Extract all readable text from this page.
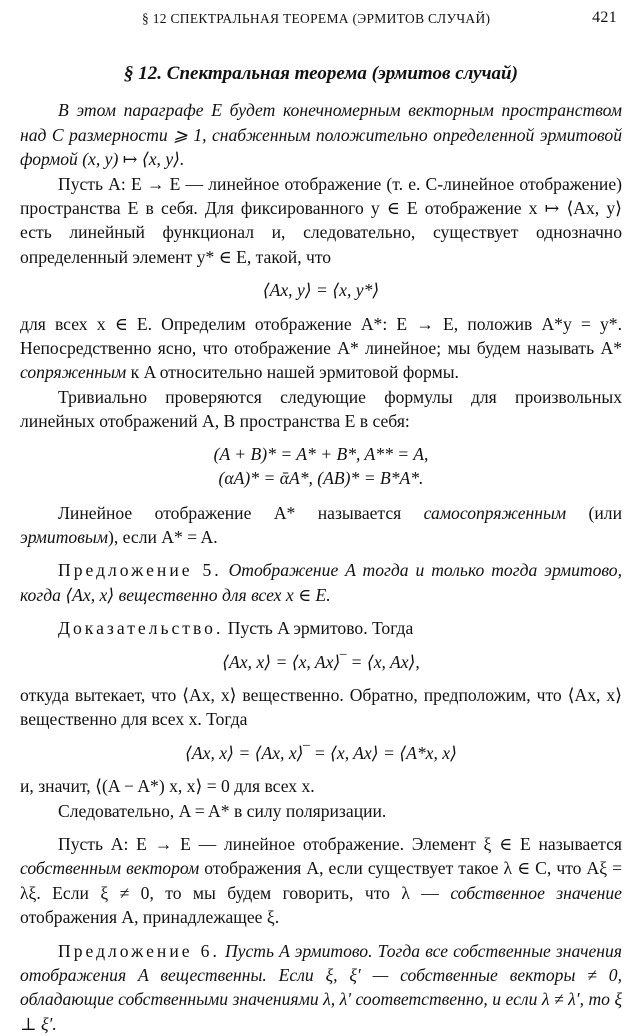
§ 12 СПЕКТРАЛЬНАЯ ТЕОРЕМА (ЭРМИТОВ СЛУЧАЙ)	421

§ 12. Спектральная теорема (эрмитов случай)

В этом параграфе E будет конечномерным векторным пространством над C размерности ⩾ 1, снабженным положительно определенной эрмитовой формой (x, y) ↦ ⟨x, y⟩.

Пусть A: E → E — линейное отображение (т. е. C-линейное отображение) пространства E в себя. Для фиксированного y ∈ E отображение x ↦ ⟨Ax, y⟩ есть линейный функционал и, следовательно, существует однозначно определенный элемент y* ∈ E, такой, что

⟨Ax, y⟩ = ⟨x, y*⟩

для всех x ∈ E. Определим отображение A*: E → E, положив A*y = y*. Непосредственно ясно, что отображение A* линейное; мы будем называть A* сопряженным к A относительно нашей эрмитовой формы.

Тривиально проверяются следующие формулы для произвольных линейных отображений A, B пространства E в себя:

(A + B)* = A* + B*, A** = A,

(αA)* = ᾱA*, (AB)* = B*A*.

Линейное отображение A* называется самосопряженным (или эрмитовым), если A* = A.

Предложение 5. Отображение A тогда и только тогда эрмитово, когда ⟨Ax, x⟩ вещественно для всех x ∈ E.

Доказательство. Пусть A эрмитово. Тогда

⟨Ax, x⟩ = ⟨x, Ax⟩‾ = ⟨x, Ax⟩,

откуда вытекает, что ⟨Ax, x⟩ вещественно. Обратно, предположим, что ⟨Ax, x⟩ вещественно для всех x. Тогда

⟨Ax, x⟩ = ⟨Ax, x⟩‾ = ⟨x, Ax⟩ = ⟨A*x, x⟩

и, значит, ⟨(A − A*) x, x⟩ = 0 для всех x.

Следовательно, A = A* в силу поляризации.

Пусть A: E → E — линейное отображение. Элемент ξ ∈ E называется собственным вектором отображения A, если существует такое λ ∈ C, что Aξ = λξ. Если ξ ≠ 0, то мы будем говорить, что λ — собственное значение отображения A, принадлежащее ξ.

Предложение 6. Пусть A эрмитово. Тогда все собственные значения отображения A вещественны. Если ξ, ξ′ — собственные векторы ≠ 0, обладающие собственными значениями λ, λ′ соответственно, и если λ ≠ λ′, то ξ ⊥ ξ′.
